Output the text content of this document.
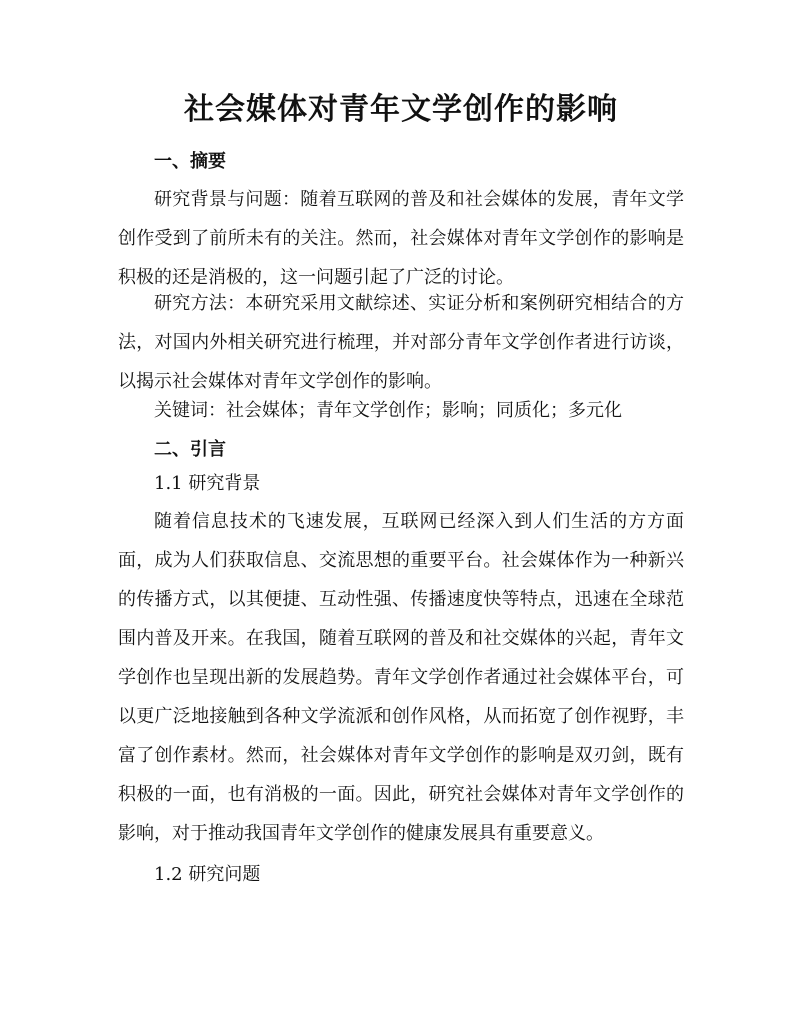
社会媒体对青年文学创作的影响

一、摘要

研究背景与问题：随着互联网的普及和社会媒体的发展，青年文学创作受到了前所未有的关注。然而，社会媒体对青年文学创作的影响是积极的还是消极的，这一问题引起了广泛的讨论。

研究方法：本研究采用文献综述、实证分析和案例研究相结合的方法，对国内外相关研究进行梳理，并对部分青年文学创作者进行访谈，以揭示社会媒体对青年文学创作的影响。

关键词：社会媒体；青年文学创作；影响；同质化；多元化

二、引言

1.1 研究背景

随着信息技术的飞速发展，互联网已经深入到人们生活的方方面面，成为人们获取信息、交流思想的重要平台。社会媒体作为一种新兴的传播方式，以其便捷、互动性强、传播速度快等特点，迅速在全球范围内普及开来。在我国，随着互联网的普及和社交媒体的兴起，青年文学创作也呈现出新的发展趋势。青年文学创作者通过社会媒体平台，可以更广泛地接触到各种文学流派和创作风格，从而拓宽了创作视野，丰富了创作素材。然而，社会媒体对青年文学创作的影响是双刃剑，既有积极的一面，也有消极的一面。因此，研究社会媒体对青年文学创作的影响，对于推动我国青年文学创作的健康发展具有重要意义。

1.2 研究问题
